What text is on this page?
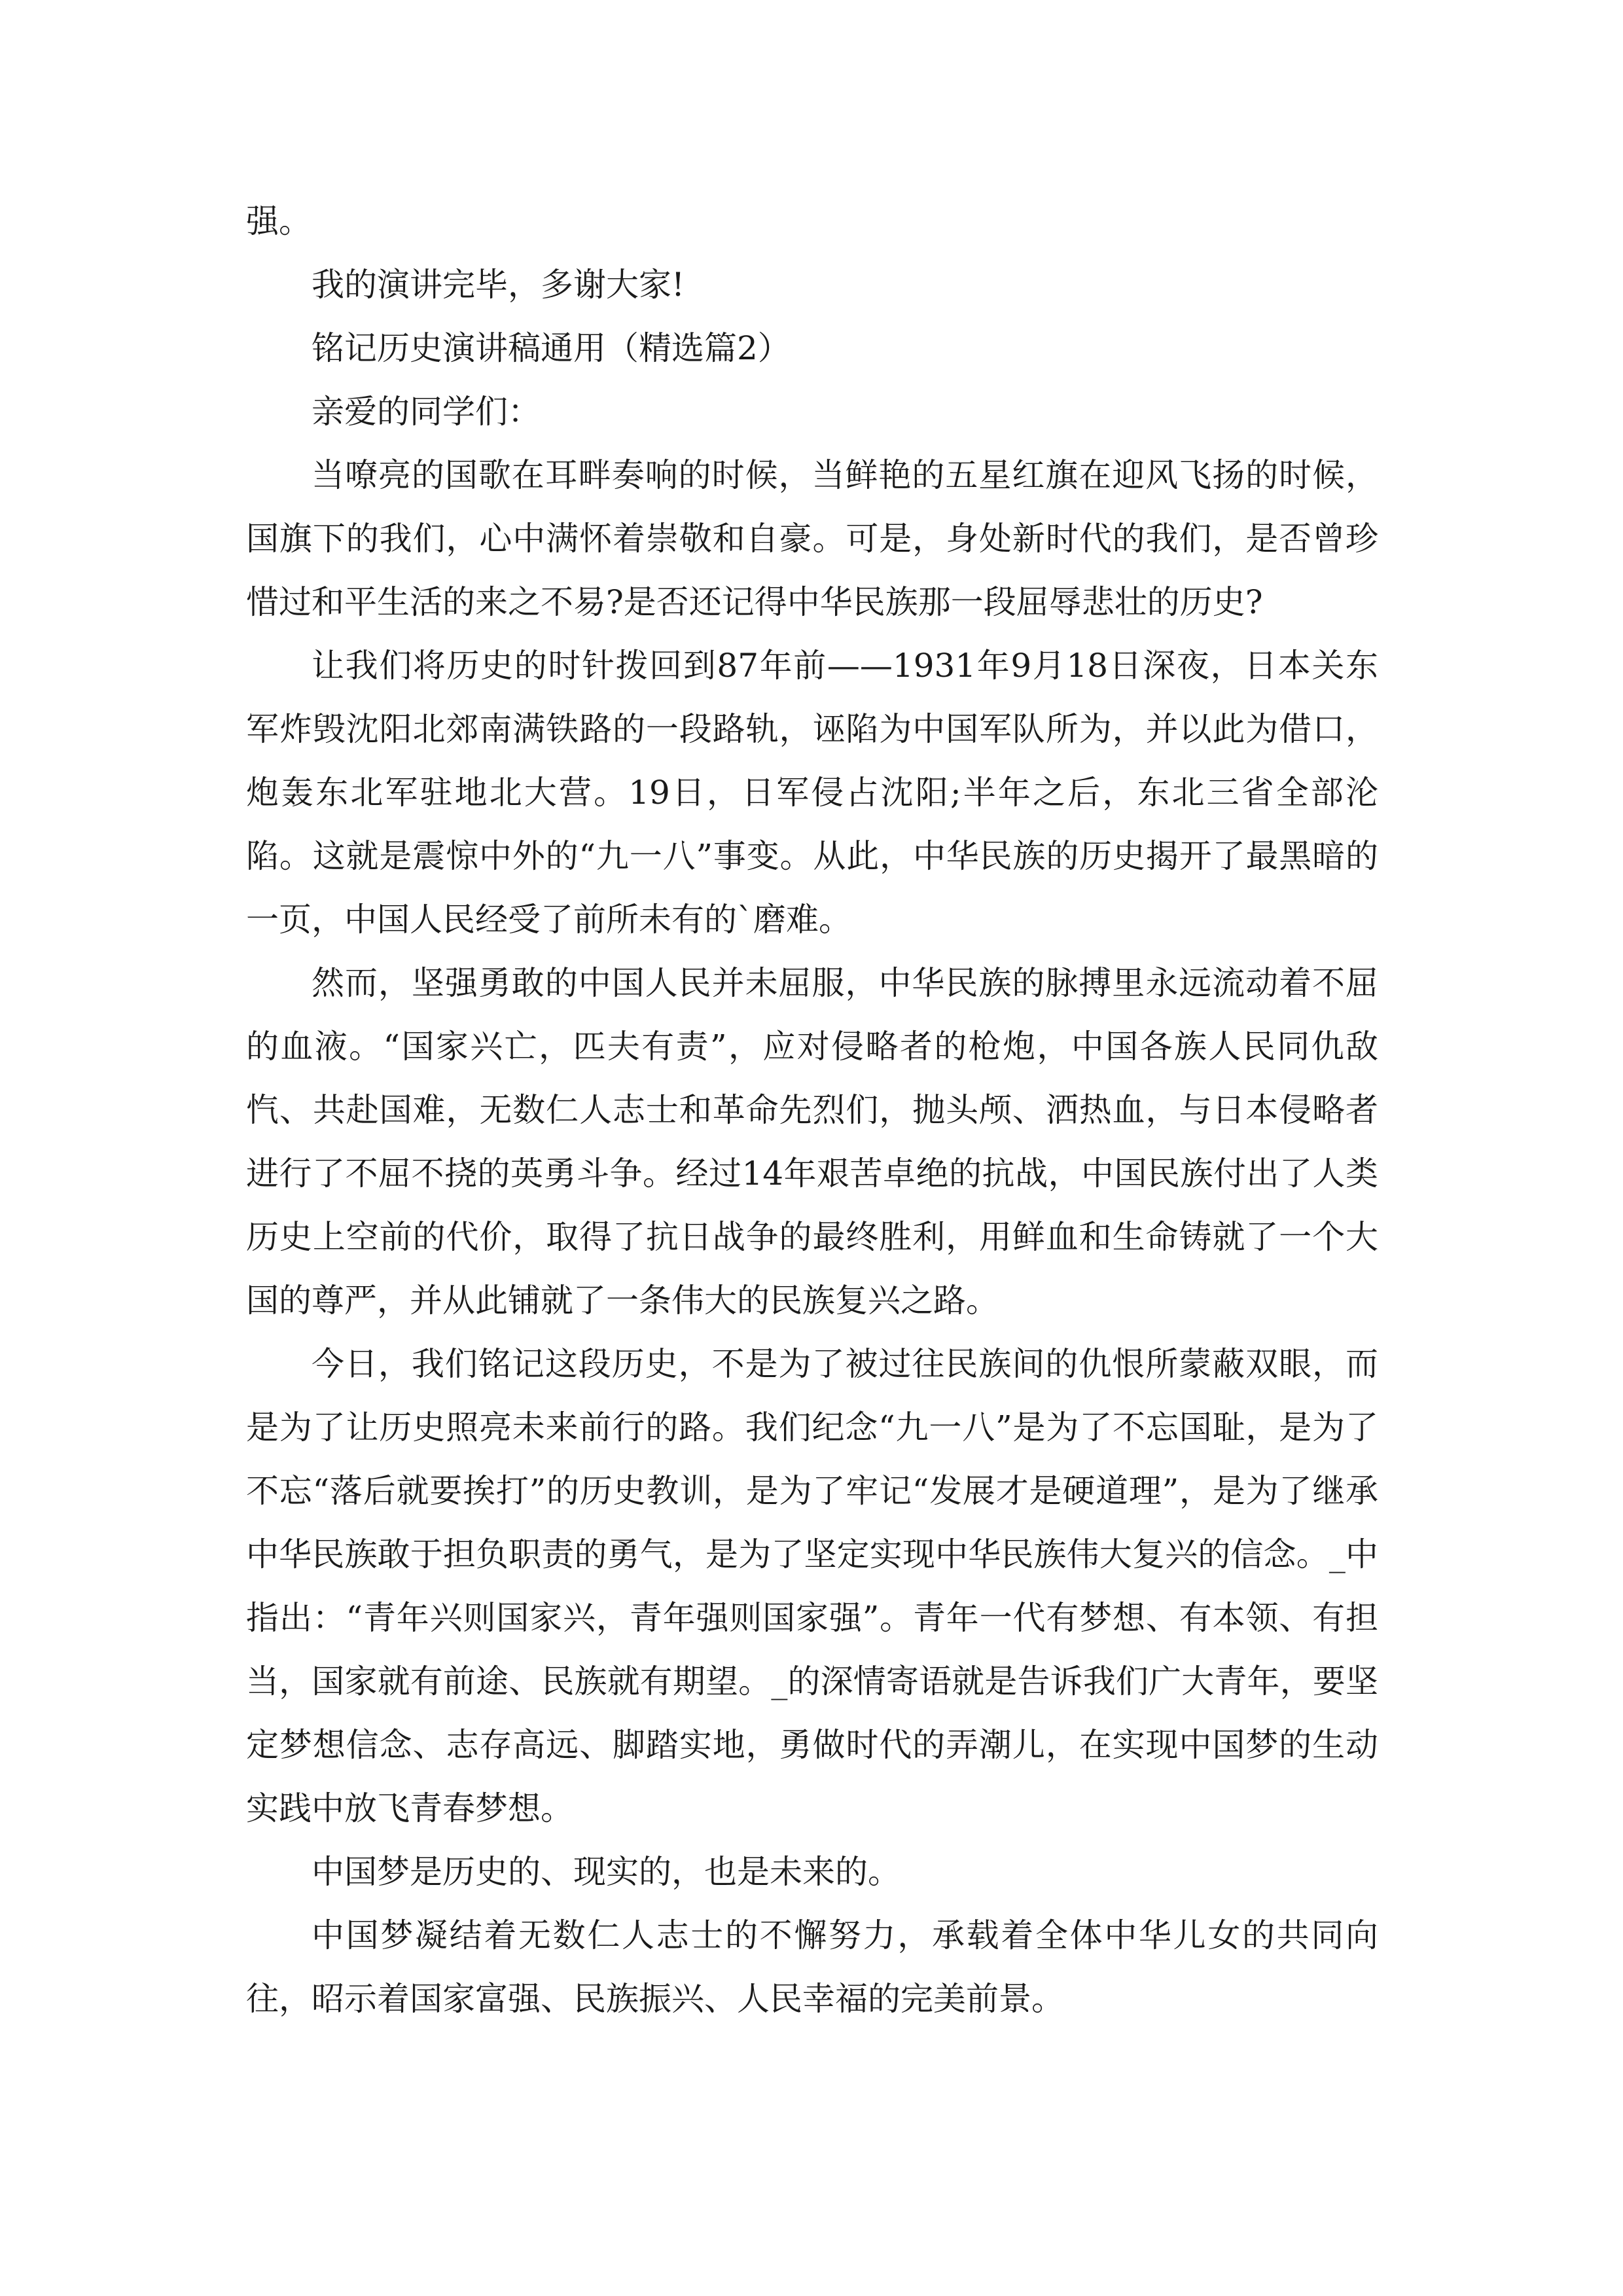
强。

我的演讲完毕，多谢大家!

铭记历史演讲稿通用（精选篇2）

亲爱的同学们：

当嘹亮的国歌在耳畔奏响的时候，当鲜艳的五星红旗在迎风飞扬的时候，国旗下的我们，心中满怀着崇敬和自豪。可是，身处新时代的我们，是否曾珍惜过和平生活的来之不易?是否还记得中华民族那一段屈辱悲壮的历史?

让我们将历史的时针拨回到87年前——1931年9月18日深夜，日本关东军炸毁沈阳北郊南满铁路的一段路轨，诬陷为中国军队所为，并以此为借口，炮轰东北军驻地北大营。19日，日军侵占沈阳;半年之后，东北三省全部沦陷。这就是震惊中外的“九一八”事变。从此，中华民族的历史揭开了最黑暗的一页，中国人民经受了前所未有的`磨难。

然而，坚强勇敢的中国人民并未屈服，中华民族的脉搏里永远流动着不屈的血液。“国家兴亡，匹夫有责”，应对侵略者的枪炮，中国各族人民同仇敌忾、共赴国难，无数仁人志士和革命先烈们，抛头颅、洒热血，与日本侵略者进行了不屈不挠的英勇斗争。经过14年艰苦卓绝的抗战，中国民族付出了人类历史上空前的代价，取得了抗日战争的最终胜利，用鲜血和生命铸就了一个大国的尊严，并从此铺就了一条伟大的民族复兴之路。

今日，我们铭记这段历史，不是为了被过往民族间的仇恨所蒙蔽双眼，而是为了让历史照亮未来前行的路。我们纪念“九一八”是为了不忘国耻，是为了不忘“落后就要挨打”的历史教训，是为了牢记“发展才是硬道理”，是为了继承中华民族敢于担负职责的勇气，是为了坚定实现中华民族伟大复兴的信念。_中指出：“青年兴则国家兴，青年强则国家强”。青年一代有梦想、有本领、有担当，国家就有前途、民族就有期望。_的深情寄语就是告诉我们广大青年，要坚定梦想信念、志存高远、脚踏实地，勇做时代的弄潮儿，在实现中国梦的生动实践中放飞青春梦想。

中国梦是历史的、现实的，也是未来的。

中国梦凝结着无数仁人志士的不懈努力，承载着全体中华儿女的共同向往，昭示着国家富强、民族振兴、人民幸福的完美前景。
